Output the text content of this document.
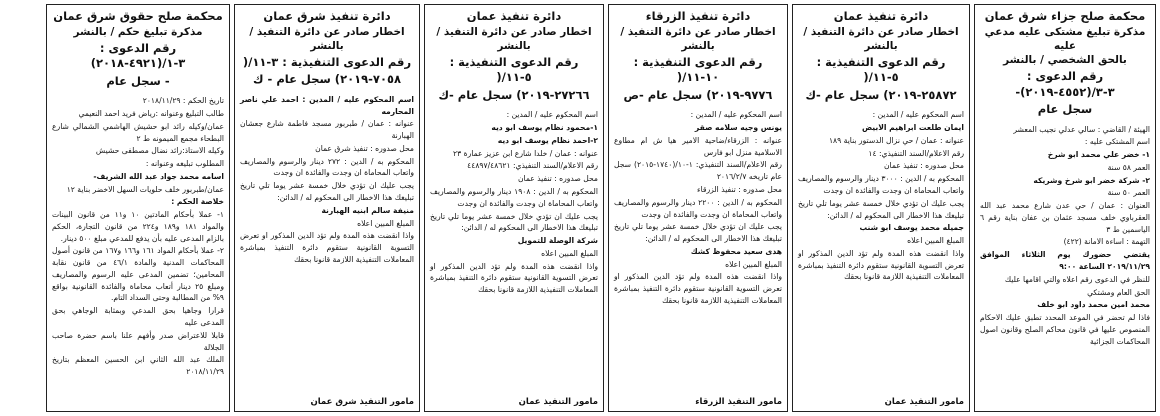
محكمة صلح جزاء شرق عمان
مذكرة تبليغ مشتكى عليه مدعي عليه
بالحق الشخصي / بالنشر
رقم الدعوى : ٣-٣/(٤٥٥٢-٢٠١٩)-
سجل عام

الهيئة / القاضي : سالي عدلي نجيب المعشر

اسم المشتكى عليه :

١- خضر علي محمد ابو شرخ

العمر ٥٨ سنة

٢- شركة خضر ابو شرخ وشريكه

العمر ٥٠ سنة

العنوان : عمان / حي عدن شارع محمد عبد الله العقرباوي خلف مسجد عثمان بن عفان بناية رقم ٦ الياسمين ط ٣

التهمة : اساءة الامانة (٤٢٢)

يقتضي حضورك يوم الثلاثاء الموافق ٢٠١٩/١١/٢٩ الساعة ٩:٠٠

للنظر في الدعوى رقم اعلاه والتي اقامها عليك

الحق العام ومشتكي

محمد امين محمد داود ابو خلف

فاذا لم تحضر في الموعد المحدد تطبق عليك الاحكام المنصوص عليها في قانون محاكم الصلح وقانون اصول المحاكمات الجزائية

دائرة تنفيذ عمان
اخطار صادر عن دائرة التنفيذ / بالنشر
رقم الدعوى التنفيذية : ٥-١١/(
٢٥٨٧٢-٢٠١٩) سجل عام -ك

اسم المحكوم عليه / المدين :

ايمان طلعت ابراهيم الابيض

عنوانه : عمان / حي نزال الدستور بناية ١٨٩

رقم الاعلام/السند التنفيذي: ١٤

محل صدوره : تنفيذ عمان

المحكوم به / الدين : ٣٠٠٠ دينار والرسوم والمصاريف واتعاب المحاماة ان وجدت والفائدة ان وجدت

يجب عليك ان تؤدي خلال خمسة عشر يوما تلي تاريخ تبليغك هذا الاخطار الى المحكوم له / الدائن:

جميله محمد يوسف ابو شنب

المبلغ المبين اعلاه

واذا انقضت هذه المدة ولم تؤد الدين المذكور او تعرض التسوية القانونية ستقوم دائرة التنفيذ بمباشرة المعاملات التنفيذية اللازمة قانونا بحقك

مامور التنفيذ عمان
دائرة تنفيذ الزرقاء
اخطار صادر عن دائرة التنفيذ / بالنشر
رقم الدعوى التنفيذية : ١٠-١١/(
٩٧٧٦-٢٠١٩) سجل عام -ص

اسم المحكوم عليه / المدين :

يونس وجيه سلامه صقر

عنوانه : الزرقاء/ضاحية الامير هيا ش ام مطاوع الاسلامية منزل ابو فارس

رقم الاعلام/السند التنفيذي: ١-١٠/(١٧٤٠-٢٠١٥) سجل عام تاريخه ٢٠١٦/٢/٧

محل صدوره : تنفيذ الزرقاء

المحكوم به / الدين : ٢٢٠٠ دينار والرسوم والمصاريف واتعاب المحاماة ان وجدت والفائدة ان وجدت

يجب عليك ان تؤدي خلال خمسة عشر يوما تلي تاريخ تبليغك هذا الاخطار الى المحكوم له / الدائن:

هدى سعيد محفوظ كشك

المبلغ المبين اعلاه

واذا انقضت هذه المدة ولم تؤد الدين المذكور او تعرض التسوية القانونية ستقوم دائرة التنفيذ بمباشرة المعاملات التنفيذية اللازمة قانونا بحقك

مامور التنفيذ الزرقاء
دائرة تنفيذ عمان
اخطار صادر عن دائرة التنفيذ / بالنشر
رقم الدعوى التنفيذية : ٥-١١/(
٢٧٢٦٦-٢٠١٩) سجل عام -ك

اسم المحكوم عليه / المدين :

١-محمود نظام يوسف ابو ديه

٢-احمد نظام يوسف ابو ديه

عنوانه : عمان / خلدا شارع ابن عزيز عمارة ٢٣

رقم الاعلام/السند التنفيذي: ٤٤٨٩٧/٤٨٦٢١

محل صدوره : تنفيذ عمان

المحكوم به / الدين : ١٩٠٨ دينار والرسوم والمصاريف واتعاب المحاماة ان وجدت والفائدة ان وجدت

يجب عليك ان تؤدي خلال خمسة عشر يوما تلي تاريخ تبليغك هذا الاخطار الى المحكوم له / الدائن:

شركة الوصلة للتمويل

المبلغ المبين اعلاه

واذا انقضت هذه المدة ولم تؤد الدين المذكور او تعرض التسوية القانونية ستقوم دائرة التنفيذ بمباشرة المعاملات التنفيذية اللازمة قانونا بحقك

مامور التنفيذ عمان
دائرة تنفيذ شرق عمان
اخطار صادر عن دائرة التنفيذ / بالنشر
رقم الدعوى التنفيذية : ٣-١١/(
٧٠٥٨-٢٠١٩) سجل عام - ك

اسم المحكوم عليه / المدين : احمد علي ناصر المحارمه

عنوانه : عمان / طبربور مسجد فاطمة شارع جعشان الهبارنة

محل صدوره : تنفيذ شرق عمان

المحكوم به / الدين : ٢٧٢ دينار والرسوم والمصاريف واتعاب المحاماة ان وجدت والفائدة ان وجدت

يجب عليك ان تؤدي خلال خمسة عشر يوما تلي تاريخ تبليغك هذا الاخطار الى المحكوم له / الدائن:

منيفة سالم ابنيه الهبارنة

المبلغ المبين اعلاه

واذا انقضت هذه المدة ولم تؤد الدين المذكور او تعرض التسوية القانونية ستقوم دائرة التنفيذ بمباشرة المعاملات التنفيذية اللازمة قانونا بحقك

مامور التنفيذ شرق عمان
محكمة صلح حقوق شرق عمان
مذكرة تبليغ حكم / بالنشر
رقم الدعوى : ٣-١/(٤٩٢١-٢٠١٨)
- سجل عام

تاريخ الحكم : ٢٠١٨/١١/٢٩

طالب التبليغ وعنوانه :رياض فريد احمد النعيمي

عمان/وكيله رائد ابو حشيش الهاشمي الشمالي شارع البطحاء مجمع الميمونه ط ٢

وكيله الاستاذ:رائد نضال مصطفى حشيش

المطلوب تبليغه وعنوانه :

اسامه محمد جواد عبد الله الشريف-

عمان/طبربور خلف حلويات السهل الاخضر بناية ١٢

خلاصة الحكم :

١- عملا بأحكام المادتين ١٠ و١١ من قانون البينات والمواد ١٨١ و١٨٩ و٢٢٤ من قانون التجارة، الحكم بالزام المدعى عليه بأن يدفع للمدعي مبلغ ٥٠٠ دينار.

٢- عملا بأحكام المواد ١٦١ و١٦٦ و١٦٧ من قانون أصول المحاكمات المدنية والمادة ٤٦/١ من قانون نقابة المحامين؛ تضمين المدعى عليه الرسوم والمصاريف ومبلغ ٢٥ دينار أتعاب محاماة والفائدة القانونية بواقع ٩% من المطالبة وحتى السداد التام.

قرارا وجاهيا بحق المدعي وبمثابة الوجاهي بحق المدعى عليه

قابلا للاعتراض صدر وأفهم علنا باسم حضرة صاحب الجلالة

الملك عبد الله الثاني ابن الحسين المعظم بتاريخ ٢٠١٨/١١/٢٩
